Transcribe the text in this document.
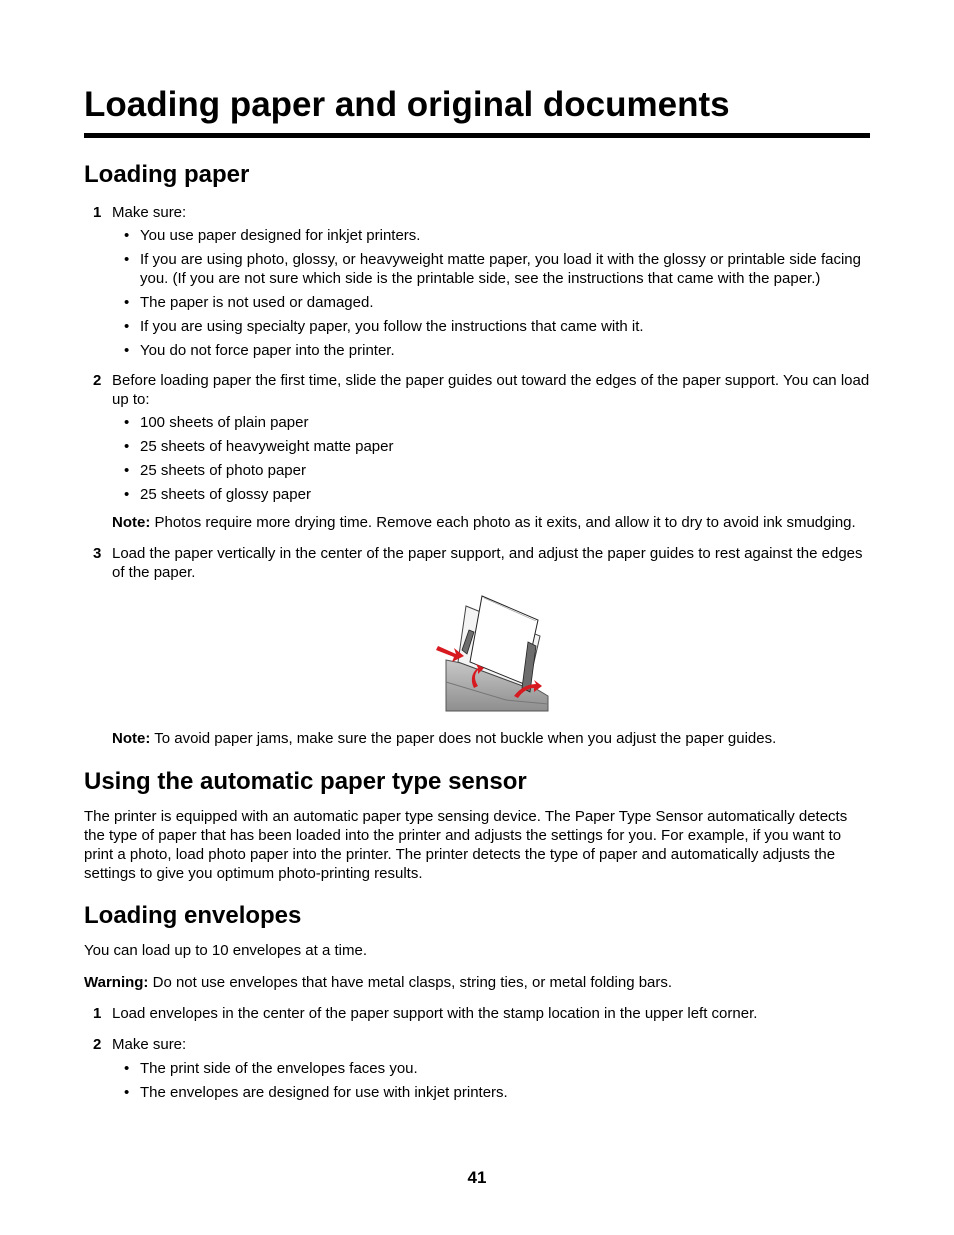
Loading paper and original documents
Loading paper
1 Make sure:
• You use paper designed for inkjet printers.
• If you are using photo, glossy, or heavyweight matte paper, you load it with the glossy or printable side facing you. (If you are not sure which side is the printable side, see the instructions that came with the paper.)
• The paper is not used or damaged.
• If you are using specialty paper, you follow the instructions that came with it.
• You do not force paper into the printer.
2 Before loading paper the first time, slide the paper guides out toward the edges of the paper support. You can load up to:
• 100 sheets of plain paper
• 25 sheets of heavyweight matte paper
• 25 sheets of photo paper
• 25 sheets of glossy paper
Note: Photos require more drying time. Remove each photo as it exits, and allow it to dry to avoid ink smudging.
3 Load the paper vertically in the center of the paper support, and adjust the paper guides to rest against the edges of the paper.
Note: To avoid paper jams, make sure the paper does not buckle when you adjust the paper guides.
Using the automatic paper type sensor

The printer is equipped with an automatic paper type sensing device. The Paper Type Sensor automatically detects the type of paper that has been loaded into the printer and adjusts the settings for you. For example, if you want to print a photo, load photo paper into the printer. The printer detects the type of paper and automatically adjusts the settings to give you optimum photo-printing results.

Loading envelopes

You can load up to 10 envelopes at a time.

Warning: Do not use envelopes that have metal clasps, string ties, or metal folding bars.

1 Load envelopes in the center of the paper support with the stamp location in the upper left corner.
2 Make sure:
• The print side of the envelopes faces you.
• The envelopes are designed for use with inkjet printers.
41
